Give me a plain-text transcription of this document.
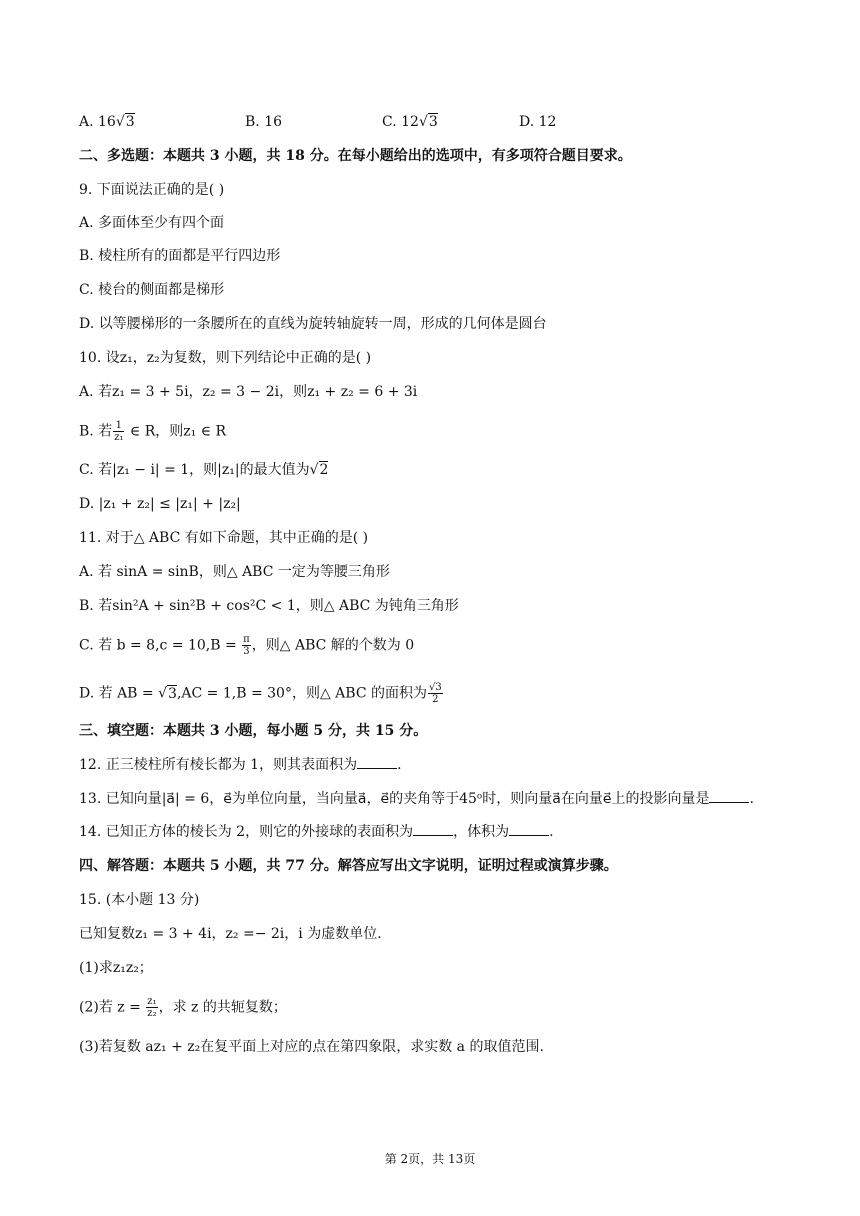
A. 16√3	B. 16	C. 12√3	D. 12
二、多选题：本题共 3 小题，共 18 分。在每小题给出的选项中，有多项符合题目要求。
9. 下面说法正确的是( )
A. 多面体至少有四个面
B. 棱柱所有的面都是平行四边形
C. 棱台的侧面都是梯形
D. 以等腰梯形的一条腰所在的直线为旋转轴旋转一周，形成的几何体是圆台
10. 设z₁，z₂为复数，则下列结论中正确的是( )
A. 若z₁ = 3 + 5i，z₂ = 3 − 2i，则z₁ + z₂ = 6 + 3i
B. 若 $\frac{1}{\text{z₁}}$ ∈ R，则z₁ ∈ R
C. 若|z₁ − i| = 1，则|z₁|的最大值为√2
D. |z₁ + z₂| ≤ |z₁| + |z₂|
11. 对于△ ABC 有如下命题，其中正确的是( )
A. 若 sinA = sinB，则△ ABC 一定为等腰三角形
B. 若sin²A + sin²B + cos²C < 1，则△ ABC 为钝角三角形
C. 若 $b = 8,c = 10,B = \frac{\pi}{3}$ ，则△ ABC 解的个数为 0
D. 若 AB = √3,AC = 1,B = 30°，则△ ABC 的面积为 $\frac{√3}{2}$
三、填空题：本题共 3 小题，每小题 5 分，共 15 分。
12. 正三棱柱所有棱长都为 1，则其表面积为	.
13. 已知向量|a⃗| = 6，e⃗为单位向量，当向量a⃗，e⃗的夹角等于45ᵒ时，则向量a⃗在向量e⃗上的投影向量是	.
14. 已知正方体的棱长为 2，则它的外接球的表面积为	，体积为	.
四、解答题：本题共 5 小题，共 77 分。解答应写出文字说明，证明过程或演算步骤。
15. (本小题 13 分)
已知复数z₁ = 3 + 4i，z₂ =− 2i，i 为虚数单位.
(1)求z₁z₂；
(2)若 $z = \frac{\text{z₁}}{\text{z₂}}$ ，求 z 的共轭复数；
(3)若复数 az₁ + z₂在复平面上对应的点在第四象限，求实数 a 的取值范围.
第 2页，共 13页
